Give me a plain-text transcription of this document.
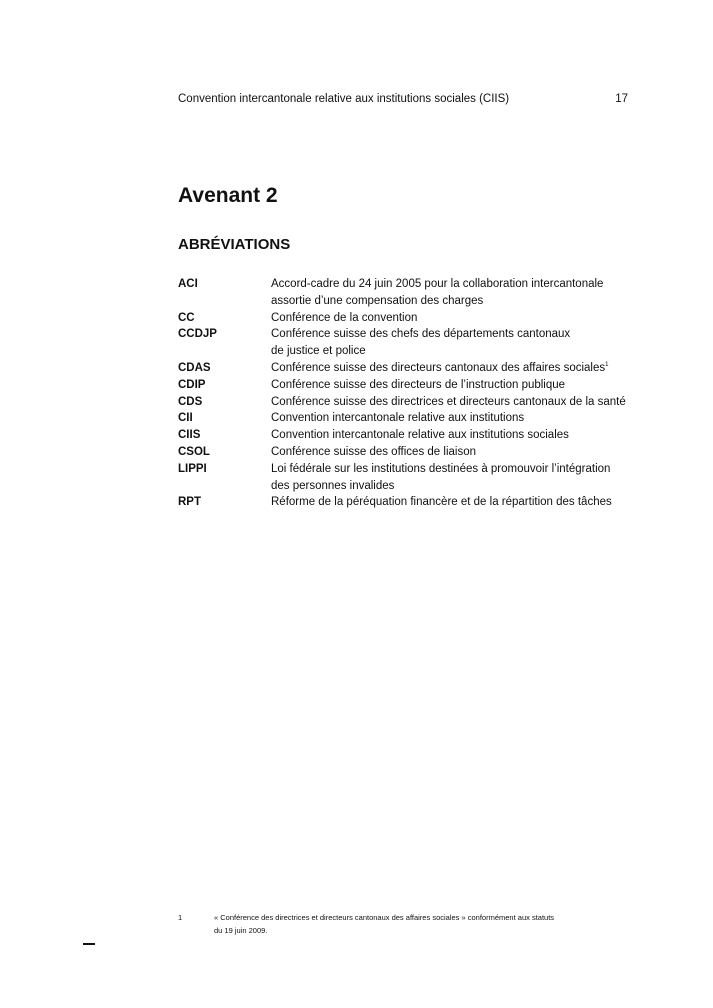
Convention intercantonale relative aux institutions sociales (CIIS)	17
Avenant 2
ABRÉVIATIONS
ACI	Accord-cadre du 24 juin 2005 pour la collaboration intercantonale
assortie d’une compensation des charges
CC	Conférence de la convention
CCDJP	Conférence suisse des chefs des départements cantonaux
de justice et police
CDAS	Conférence suisse des directeurs cantonaux des affaires sociales$^1$
CDIP	Conférence suisse des directeurs de l’instruction publique
CDS	Conférence suisse des directrices et directeurs cantonaux de la santé
CII	Convention intercantonale relative aux institutions
CIIS	Convention intercantonale relative aux institutions sociales
CSOL	Conférence suisse des offices de liaison
LIPPI	Loi fédérale sur les institutions destinées à promouvoir l’intégration
des personnes invalides
RPT	Réforme de la péréquation financère et de la répartition des tâches
1	« Conférence des directrices et directeurs cantonaux des affaires sociales » conformément aux statuts
du 19 juin 2009.
